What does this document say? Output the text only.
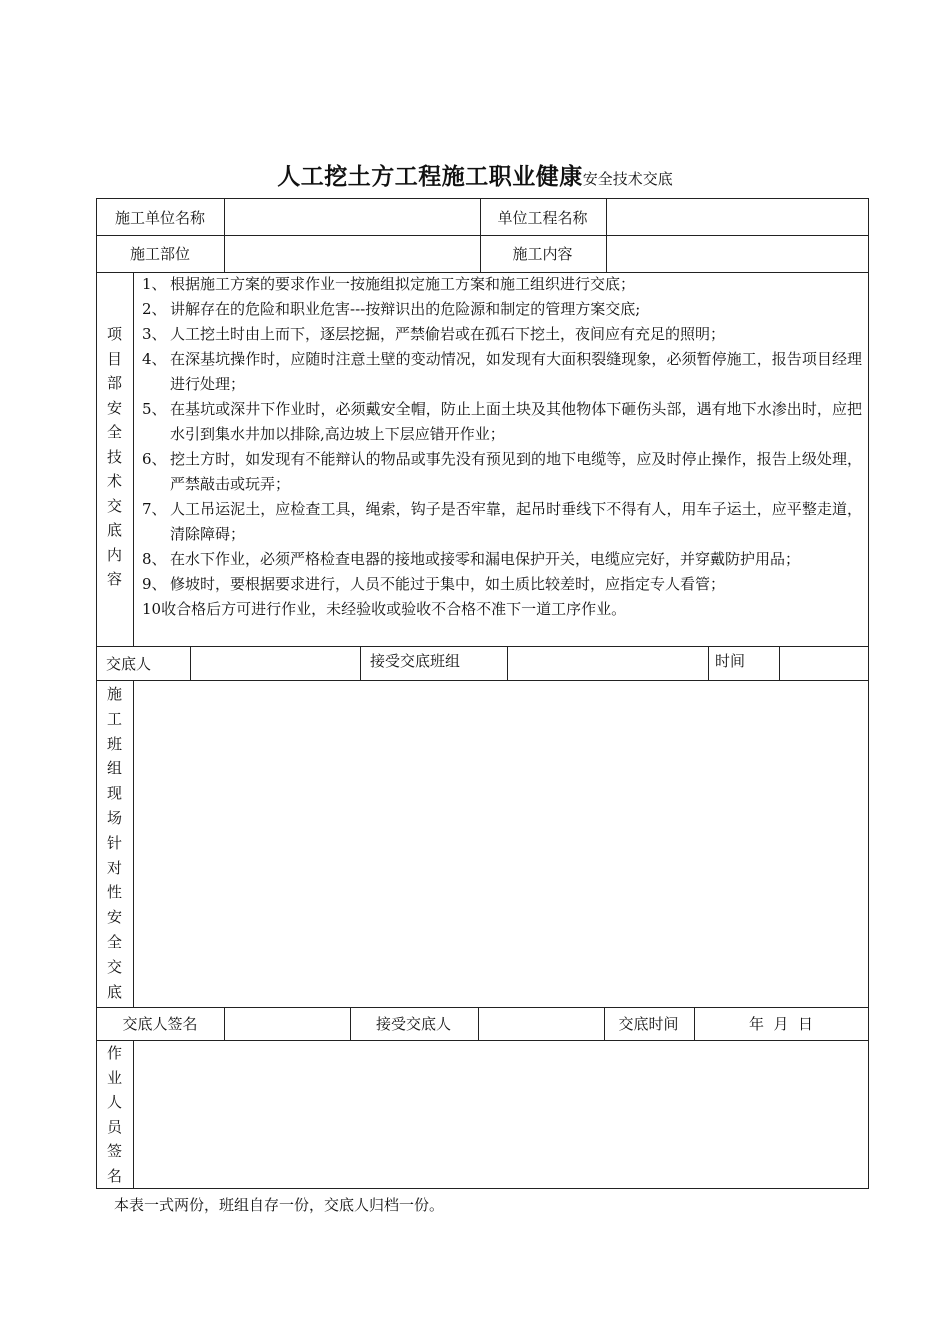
人工挖土方工程施工职业健康安全技术交底
施工单位名称	单位工程名称
施工部位	施工内容
项
目
部
安
全
技
术
交
底
内
容
1、 根据施工方案的要求作业一按施组拟定施工方案和施工组织进行交底；
2、 讲解存在的危险和职业危害---按辩识出的危险源和制定的管理方案交底;
3、 人工挖土时由上而下，逐层挖掘，严禁偷岩或在孤石下挖土，夜间应有充足的照明；
4、 在深基坑操作时，应随时注意土壁的变动情况，如发现有大面积裂缝现象，必须暂停施工，报告项目经理进行处理；
5、 在基坑或深井下作业时，必须戴安全帽，防止上面土块及其他物体下砸伤头部，遇有地下水渗出时，应把水引到集水井加以排除,高边坡上下层应错开作业；
6、 挖土方时，如发现有不能辩认的物品或事先没有预见到的地下电缆等，应及时停止操作，报告上级处理，严禁敲击或玩弄；
7、 人工吊运泥土，应检查工具，绳索，钩子是否牢靠，起吊时垂线下不得有人，用车子运土，应平整走道，清除障碍；
8、 在水下作业，必须严格检查电器的接地或接零和漏电保护开关，电缆应完好，并穿戴防护用品；
9、 修坡时，要根据要求进行，人员不能过于集中，如土质比较差时，应指定专人看管；
10收合格后方可进行作业，未经验收或验收不合格不准下一道工序作业。
交底人	接受交底班组	时间
施
工
班
组
现
场
针
对
性
安
全
交
底
交底人签名	接受交底人	交底时间	年  月  日
作
业
人
员
签
名
本表一式两份，班组自存一份，交底人归档一份。
